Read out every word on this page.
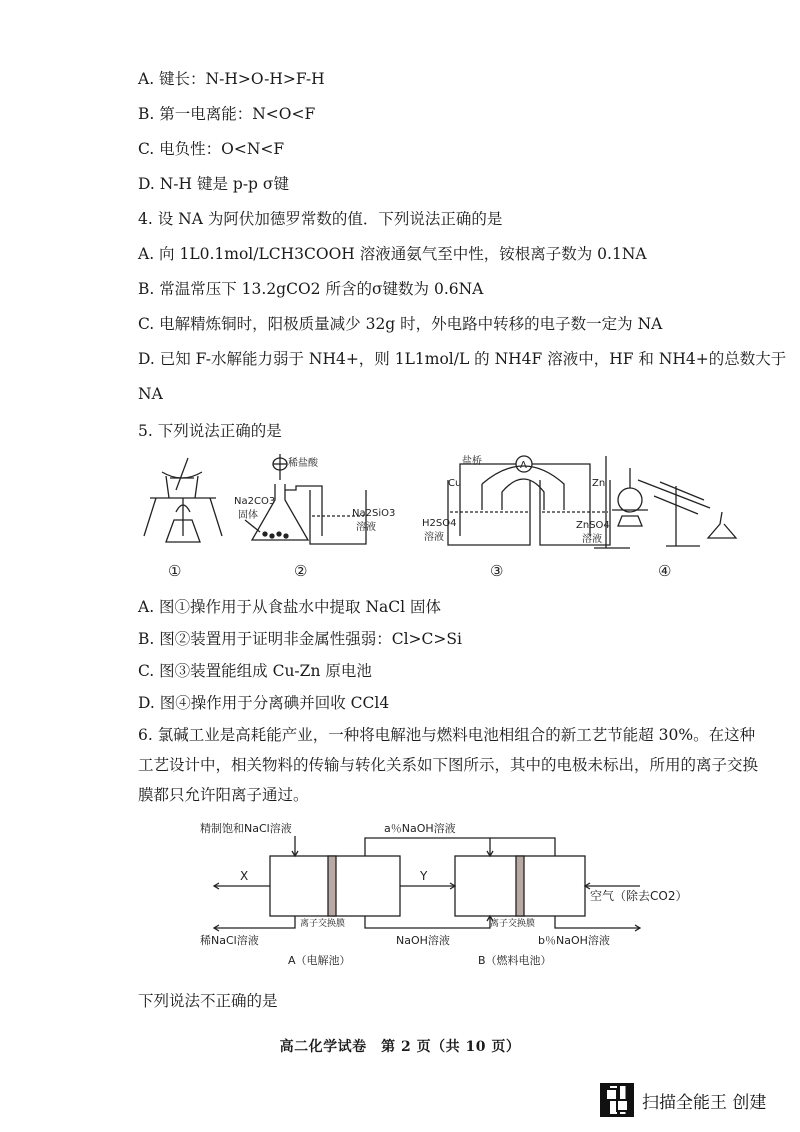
A. 键长：N-H>O-H>F-H
B. 第一电离能：N<O<F
C. 电负性：O<N<F
D. N-H 键是 p-p σ键
4. 设 NA 为阿伏加德罗常数的值．下列说法正确的是
A. 向 1L0.1mol/LCH3COOH 溶液通氨气至中性，铵根离子数为 0.1NA
B. 常温常压下 13.2gCO2 所含的σ键数为 0.6NA
C. 电解精炼铜时，阳极质量减少 32g 时，外电路中转移的电子数一定为 NA
D. 已知 F-水解能力弱于 NH4+，则 1L1mol/L 的 NH4F 溶液中，HF 和 NH4+的总数大于
NA
5. 下列说法正确的是
稀盐酸
Na2CO3
固体	Na2SiO3
溶液
盐桥	A
Cu	Zn
H2SO4
溶液
ZnSO4
溶液
①	②	③	④
A. 图①操作用于从食盐水中提取 NaCl 固体
B. 图②装置用于证明非金属性强弱：Cl>C>Si
C. 图③装置能组成 Cu-Zn 原电池
D. 图④操作用于分离碘并回收 CCl4
6. 氯碱工业是高耗能产业，一种将电解池与燃料电池相组合的新工艺节能超 30%。在这种工艺设计中，相关物料的传输与转化关系如下图所示，其中的电极未标出，所用的离子交换膜都只允许阳离子通过。
精制饱和NaCl溶液	a％NaOH溶液
X	Y
空气（除去CO2）
离子交换膜	离子交换膜
稀NaCl溶液	NaOH溶液	b％NaOH溶液
A（电解池）	B（燃料电池）
下列说法不正确的是
高二化学试卷　第 2 页（共 10 页）
扫描全能王 创建
